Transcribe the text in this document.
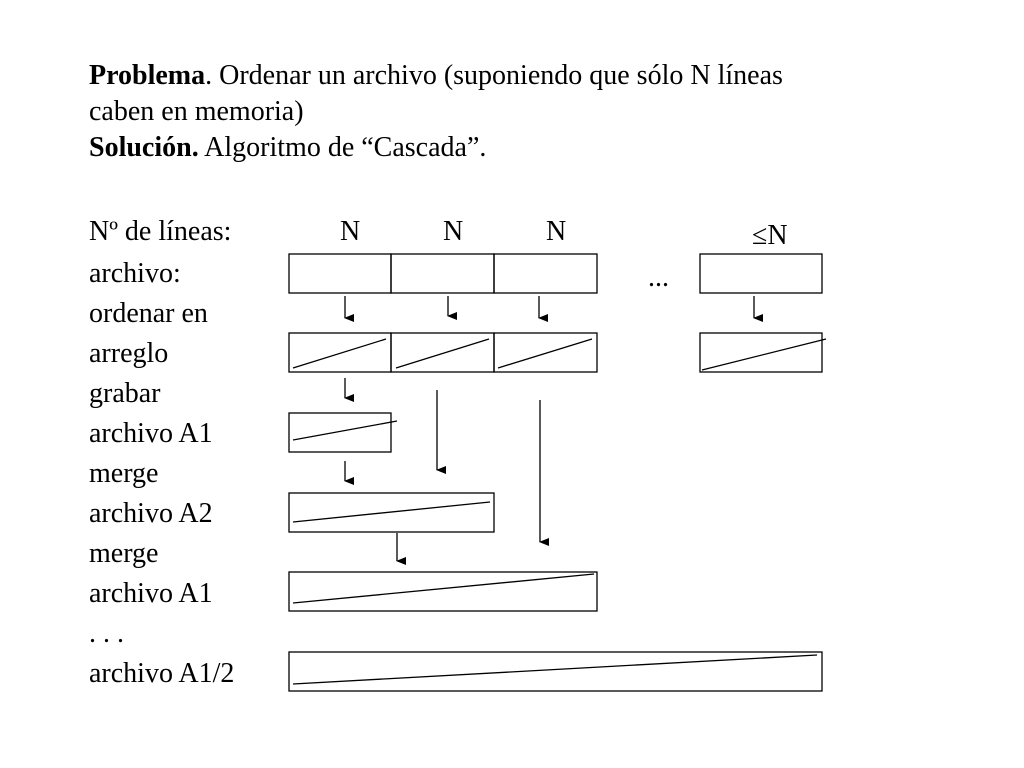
Problema. Ordenar un archivo (suponiendo que sólo N líneas
caben en memoria)
Solución. Algoritmo de “Cascada”.
Nº de líneas:	N	N	N	≤N
...
archivo:
ordenar en
arreglo
grabar
archivo A1
merge
archivo A2
merge
archivo A1
. . .
archivo A1/2
